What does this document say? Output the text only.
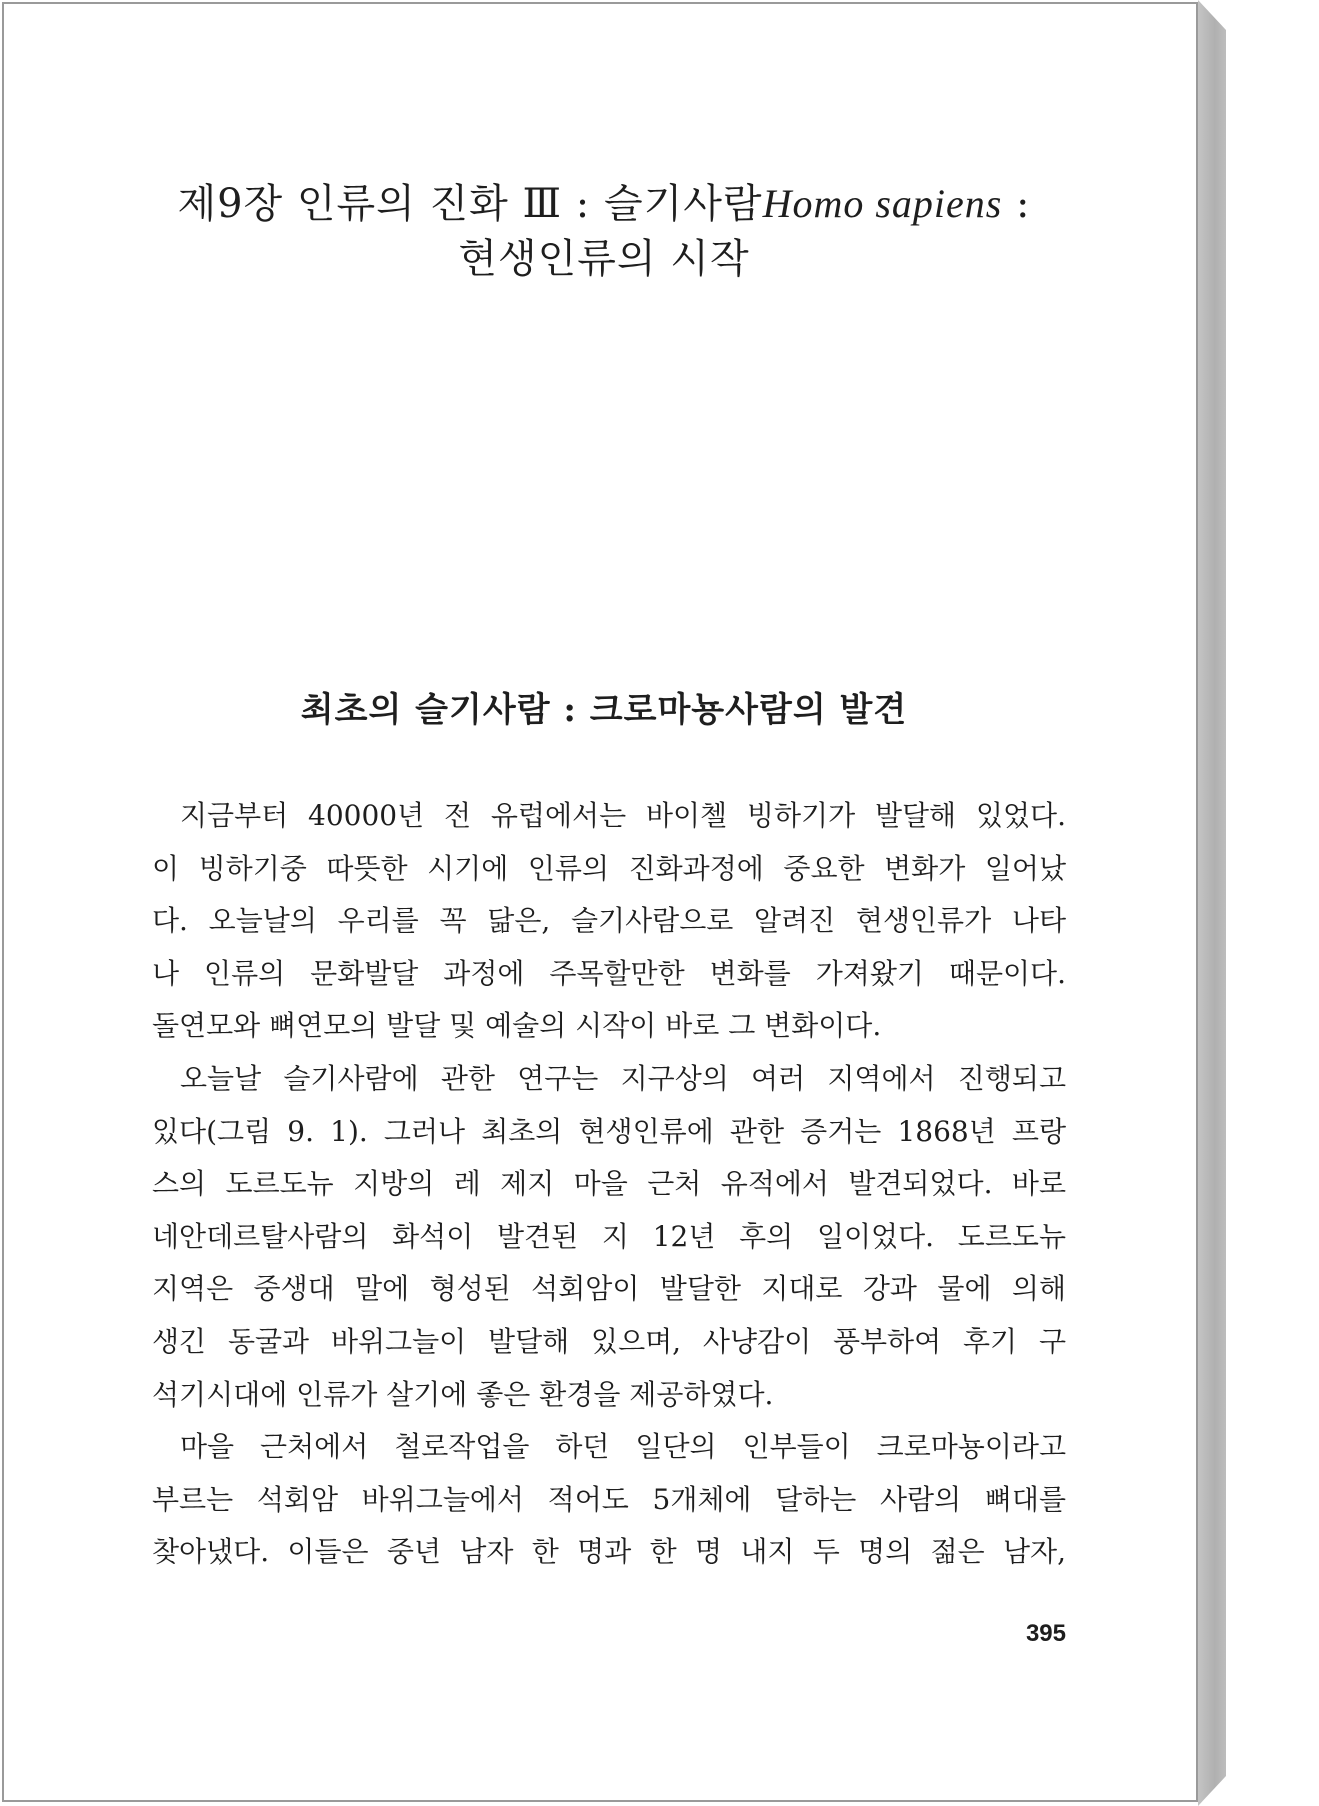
제9장 인류의 진화 Ⅲ : 슬기사람Homo sapiens :
현생인류의 시작
최초의 슬기사람 : 크로마뇽사람의 발견
지금부터 40000년 전 유럽에서는 바이첼 빙하기가 발달해 있었다.
이 빙하기중 따뜻한 시기에 인류의 진화과정에 중요한 변화가 일어났
다. 오늘날의 우리를 꼭 닮은, 슬기사람으로 알려진 현생인류가 나타
나 인류의 문화발달 과정에 주목할만한 변화를 가져왔기 때문이다.
돌연모와 뼈연모의 발달 및 예술의 시작이 바로 그 변화이다.
오늘날 슬기사람에 관한 연구는 지구상의 여러 지역에서 진행되고
있다(그림 9. 1). 그러나 최초의 현생인류에 관한 증거는 1868년 프랑
스의 도르도뉴 지방의 레 제지 마을 근처 유적에서 발견되었다. 바로
네안데르탈사람의 화석이 발견된 지 12년 후의 일이었다. 도르도뉴
지역은 중생대 말에 형성된 석회암이 발달한 지대로 강과 물에 의해
생긴 동굴과 바위그늘이 발달해 있으며, 사냥감이 풍부하여 후기 구
석기시대에 인류가 살기에 좋은 환경을 제공하였다.
마을 근처에서 철로작업을 하던 일단의 인부들이 크로마뇽이라고
부르는 석회암 바위그늘에서 적어도 5개체에 달하는 사람의 뼈대를
찾아냈다. 이들은 중년 남자 한 명과 한 명 내지 두 명의 젊은 남자,
395
